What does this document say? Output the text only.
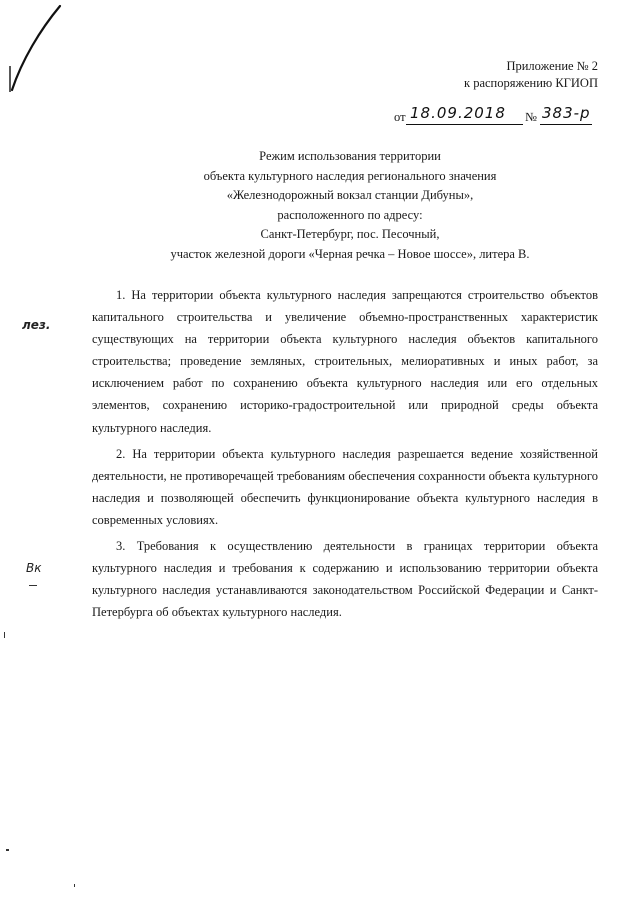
Приложение № 2
к распоряжению КГИОП
от 18.09.2018 № 383-р
Режим использования территории
объекта культурного наследия регионального значения
«Железнодорожный вокзал станции Дибуны»,
расположенного по адресу:
Санкт-Петербург, пос. Песочный,
участок железной дороги «Черная речка – Новое шоссе», литера В.

1. На территории объекта культурного наследия запрещаются строительство объектов капитального строительства и увеличение объемно-пространственных характеристик существующих на территории объекта культурного наследия объектов капитального строительства; проведение земляных, строительных, мелиоративных и иных работ, за исключением работ по сохранению объекта культурного наследия или его отдельных элементов, сохранению историко-градостроительной или природной среды объекта культурного наследия.

2. На территории объекта культурного наследия разрешается ведение хозяйственной деятельности, не противоречащей требованиям обеспечения сохранности объекта культурного наследия и позволяющей обеспечить функционирование объекта культурного наследия в современных условиях.

3. Требования к осуществлению деятельности в границах территории объекта культурного наследия и требования к содержанию и использованию территории объекта культурного наследия устанавливаются законодательством Российской Федерации и Санкт-Петербурга об объектах культурного наследия.

лез.
Вк
